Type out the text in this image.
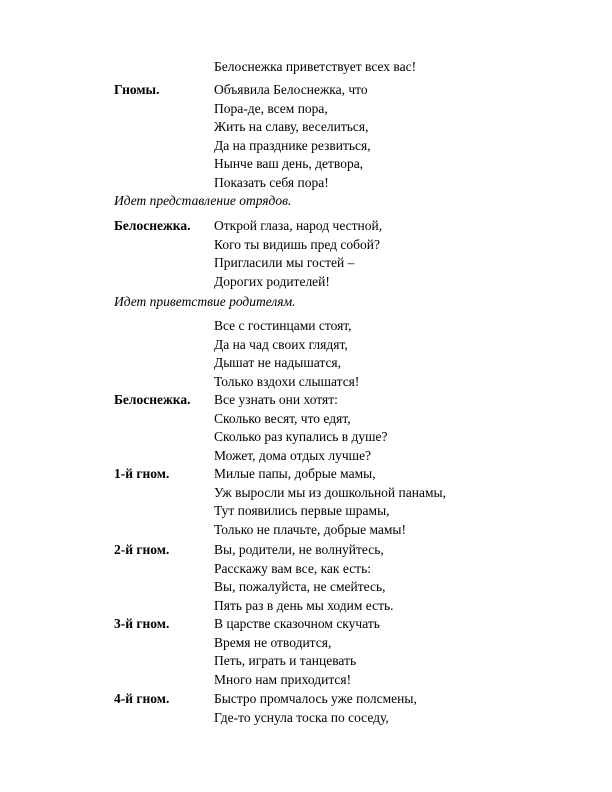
Белоснежка приветствует всех вас!
Гномы.	Объявила Белоснежка, что
Пора-де, всем пора,
Жить на славу, веселиться,
Да на празднике резвиться,
Нынче ваш день, детвора,
Показать себя пора!
Идет представление отрядов.
Белоснежка. Открой глаза, народ честной,
Кого ты видишь пред собой?
Пригласили мы гостей –
Дорогих родителей!
Идет приветствие родителям.
Все с гостинцами стоят,
Да на чад своих глядят,
Дышат не надышатся,
Только вздохи слышатся!
Белоснежка. Все узнать они хотят:
Сколько весят, что едят,
Сколько раз купались в душе?
Может, дома отдых лучше?
1-й гном.	Милые папы, добрые мамы,
Уж выросли мы из дошкольной панамы,
Тут появились первые шрамы,
Только не плачьте, добрые мамы!
2-й гном.	Вы, родители, не волнуйтесь,
Расскажу вам все, как есть:
Вы, пожалуйста, не смейтесь,
Пять раз в день мы ходим есть.
3-й гном.	В царстве сказочном скучать
Время не отводится,
Петь, играть и танцевать
Много нам приходится!
4-й гном.	Быстро промчалось уже полсмены,
Где-то уснула тоска по соседу,
